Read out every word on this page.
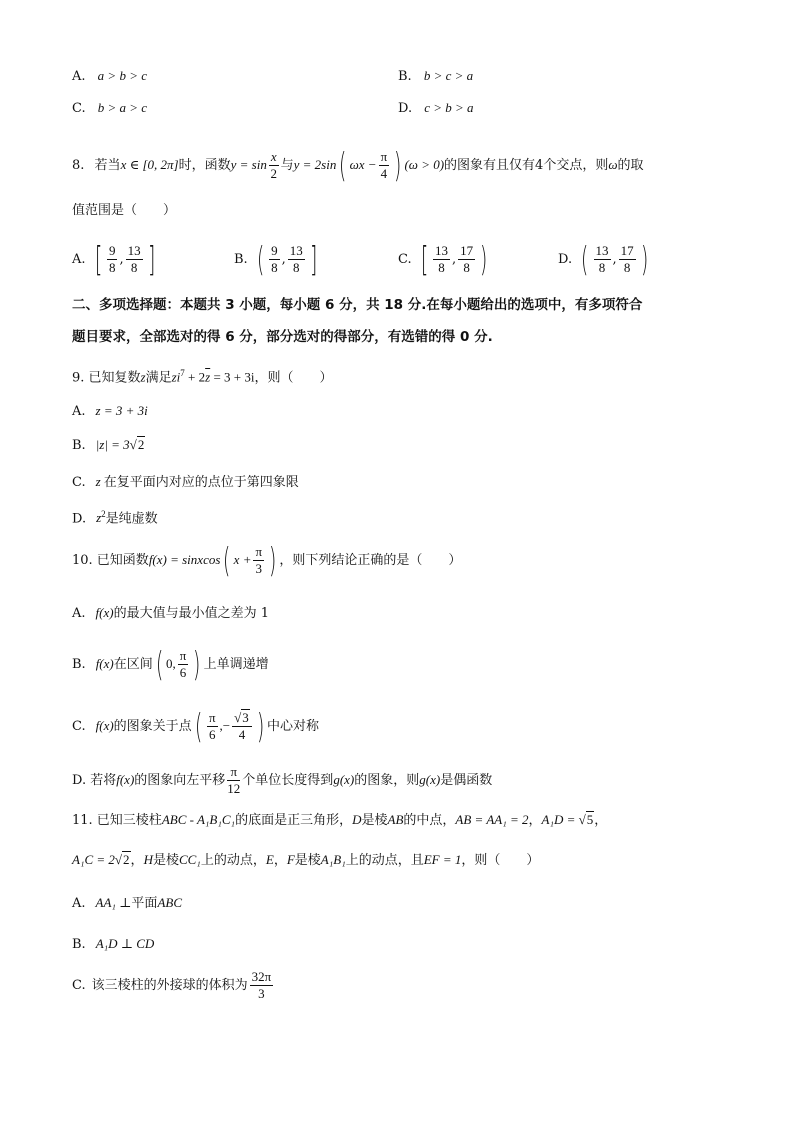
A. a > b > c	B. b > c > a
C. b > a > c	D. c > b > a
8. 若当x ∈ [0, 2π]时，函数$y = \sin \frac{x}{2}$ 与y = 2sin( $\omega x - \frac{\pi}{4}$ ) (ω > 0)的图象有且仅有4个交点，则ω的取
值范围是（　　）
A. [ $\frac{9}{8}$ , $\frac{13}{8}$ ]	B. ( $\frac{9}{8}$ , $\frac{13}{8}$ ]	C. [ $\frac{13}{8}$ , $\frac{17}{8}$ )	D. ( $\frac{13}{8}$ , $\frac{17}{8}$ )
二、多项选择题：本题共 3 小题，每小题 6 分，共 18 分.在每小题给出的选项中，有多项符合
题目要求，全部选对的得 6 分，部分选对的得部分，有选错的得 0 分.
9. 已知复数z满足$zi^7 + 2\overline{z} = 3 + 3i$，则（　　）
A. z = 3 + 3i
B. |z| = 3√2
C. z 在复平面内对应的点位于第四象限
D. $z^2$是纯虚数
10. 已知函数f(x) = sinxcos( $x + \frac{\pi}{3}$ ) ，则下列结论正确的是（　　）
A. f(x)的最大值与最小值之差为 1
B. f(x)在区间( 0, $\frac{\pi}{6}$ ) 上单调递增
C. f(x)的图象关于点( $\frac{\pi}{6}$ ,− $\frac{√3}{4}$ ) 中心对称
D. 若将f(x)的图象向左平移 $\frac{\pi}{12}$ 个单位长度得到g(x)的图象，则g(x)是偶函数
11. 已知三棱柱ABC - A₁B₁C₁的底面是正三角形，D是棱AB的中点，AB = AA₁ = 2，A₁D = √5，
A₁C = 2√2，H是棱CC₁上的动点，E，F是棱A₁B₁上的动点，且EF = 1，则（　　）
A. AA₁ ⊥平面ABC
B. A₁D ⊥ CD
C. 该三棱柱的外接球的体积为 $\frac{32\pi}{3}$
